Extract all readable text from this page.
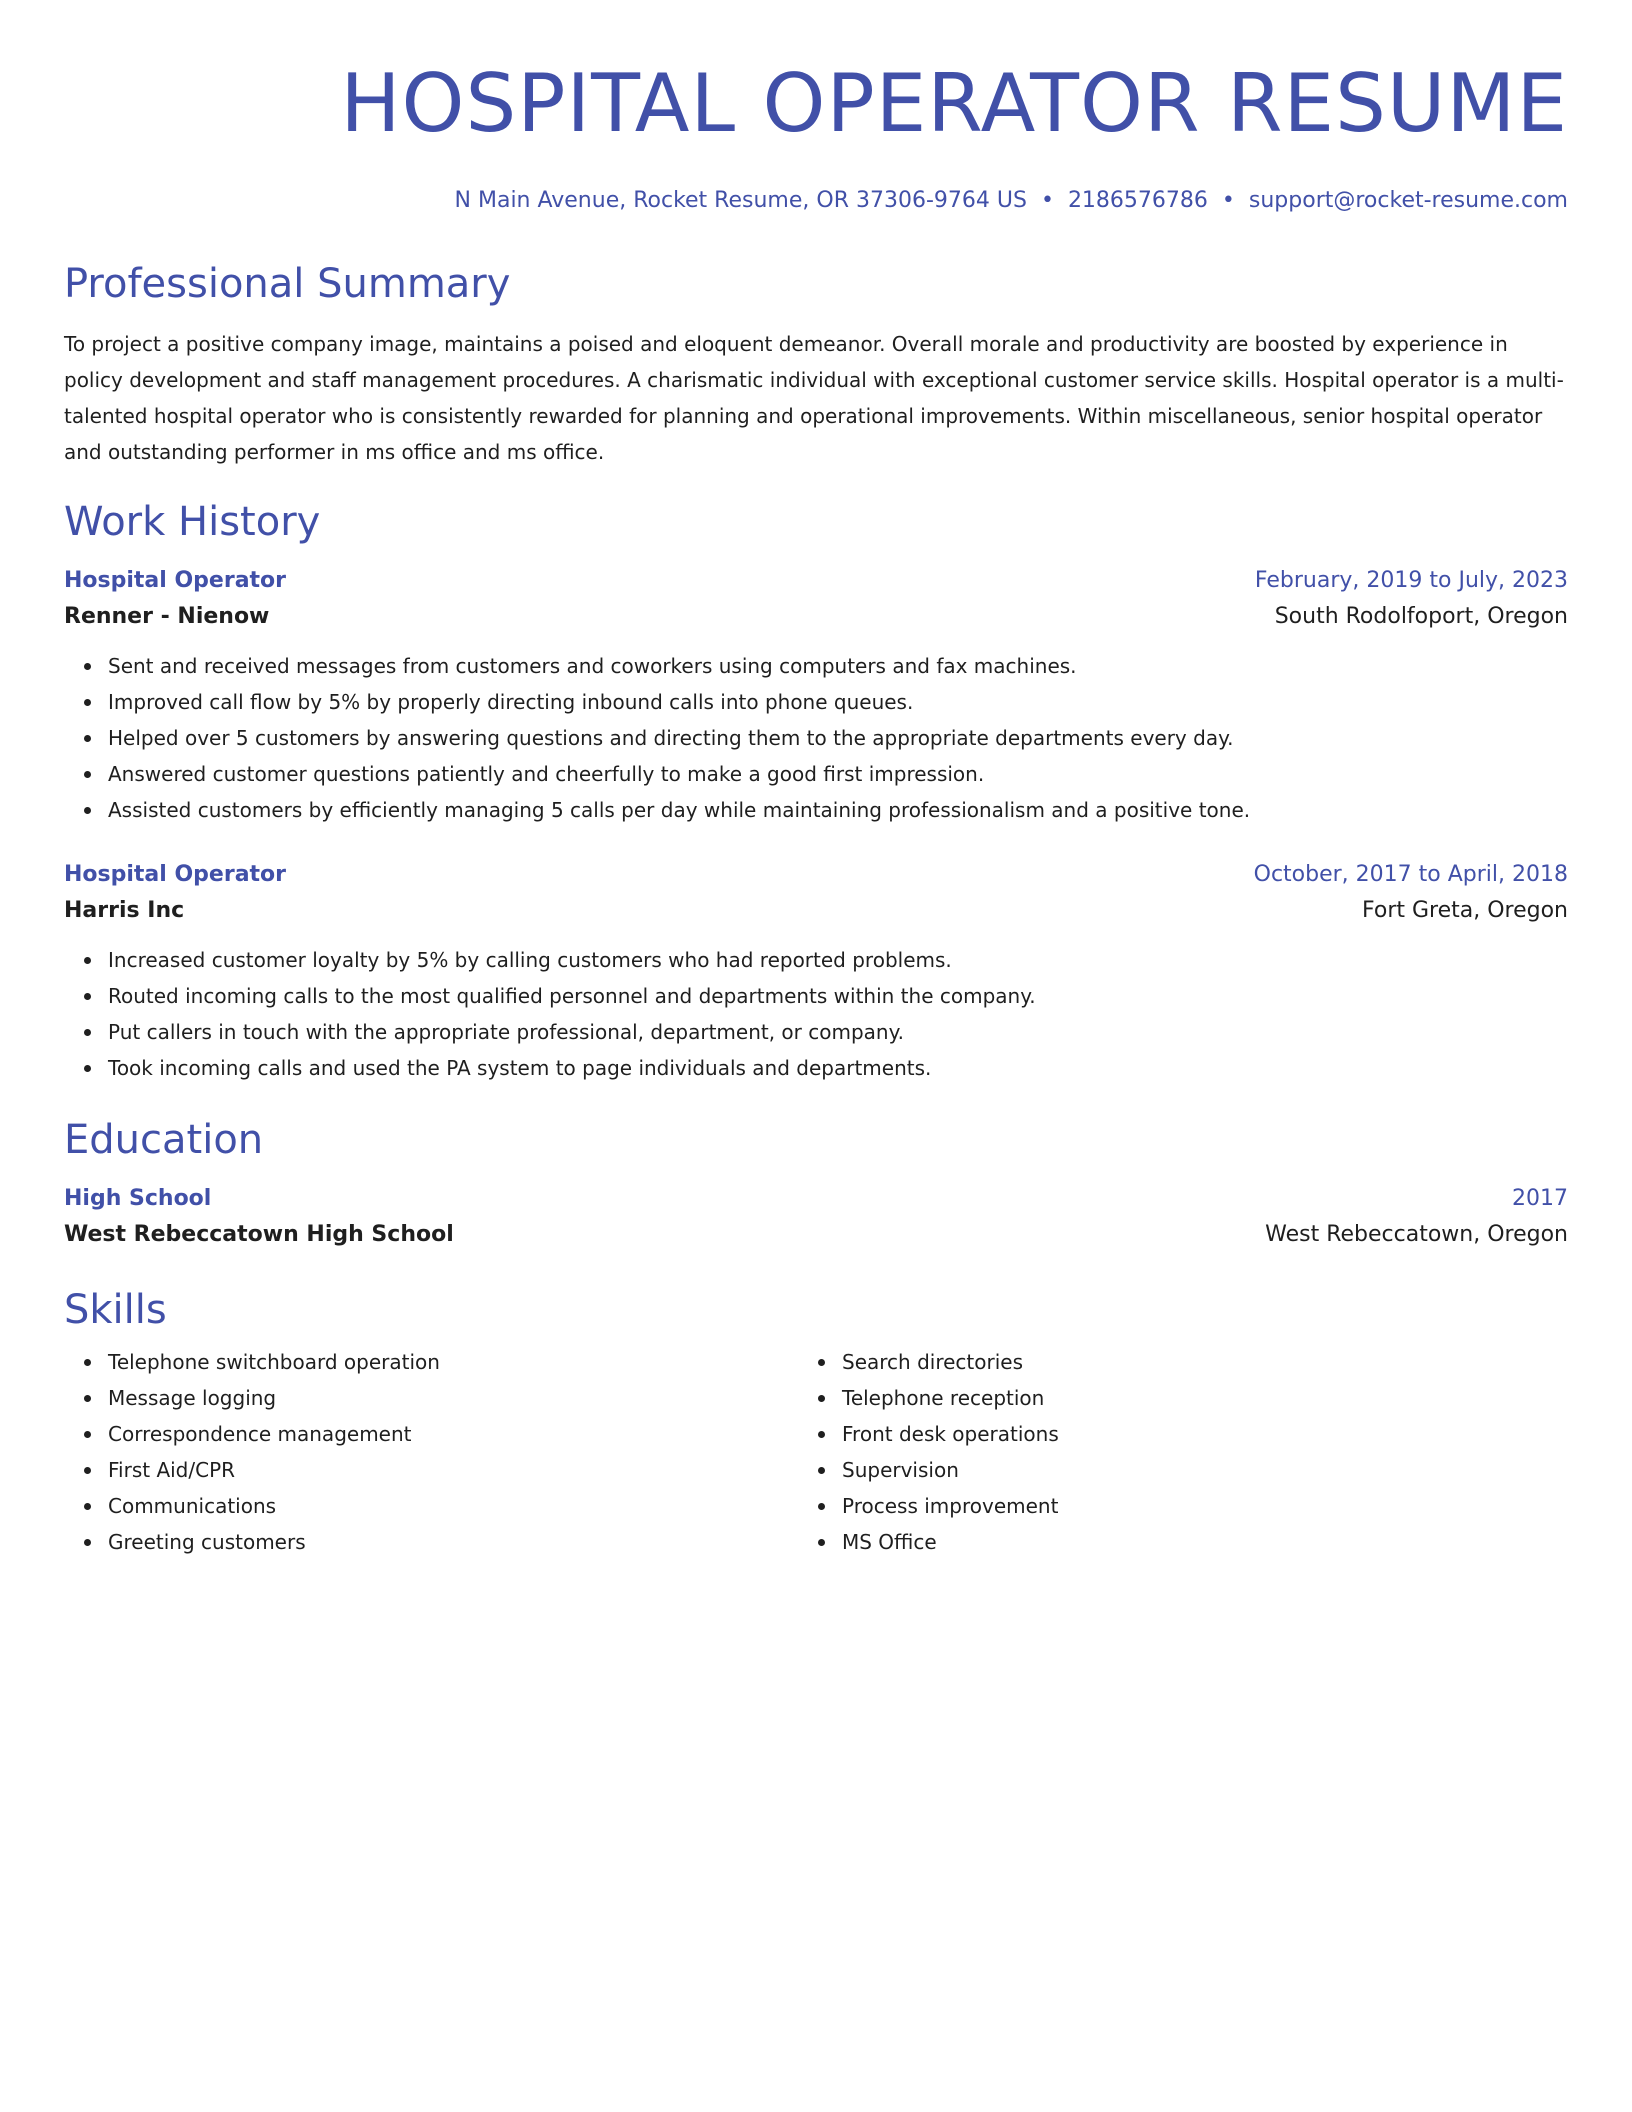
HOSPITAL OPERATOR RESUME
N Main Avenue, Rocket Resume, OR 37306-9764 US • 2186576786 • support@rocket-resume.com
Professional Summary
To project a positive company image, maintains a poised and eloquent demeanor. Overall morale and productivity are boosted by experience in policy development and staff management procedures. A charismatic individual with exceptional customer service skills. Hospital operator is a multi-talented hospital operator who is consistently rewarded for planning and operational improvements. Within miscellaneous, senior hospital operator and outstanding performer in ms office and ms office.
Work History
Hospital Operator	February, 2019 to July, 2023
Renner - Nienow	South Rodolfoport, Oregon
Sent and received messages from customers and coworkers using computers and fax machines.
Improved call flow by 5% by properly directing inbound calls into phone queues.
Helped over 5 customers by answering questions and directing them to the appropriate departments every day.
Answered customer questions patiently and cheerfully to make a good first impression.
Assisted customers by efficiently managing 5 calls per day while maintaining professionalism and a positive tone.
Hospital Operator	October, 2017 to April, 2018
Harris Inc	Fort Greta, Oregon
Increased customer loyalty by 5% by calling customers who had reported problems.
Routed incoming calls to the most qualified personnel and departments within the company.
Put callers in touch with the appropriate professional, department, or company.
Took incoming calls and used the PA system to page individuals and departments.
Education
High School	2017
West Rebeccatown High School	West Rebeccatown, Oregon
Skills
Telephone switchboard operation
Message logging
Correspondence management
First Aid/CPR
Communications
Greeting customers
Search directories
Telephone reception
Front desk operations
Supervision
Process improvement
MS Office
